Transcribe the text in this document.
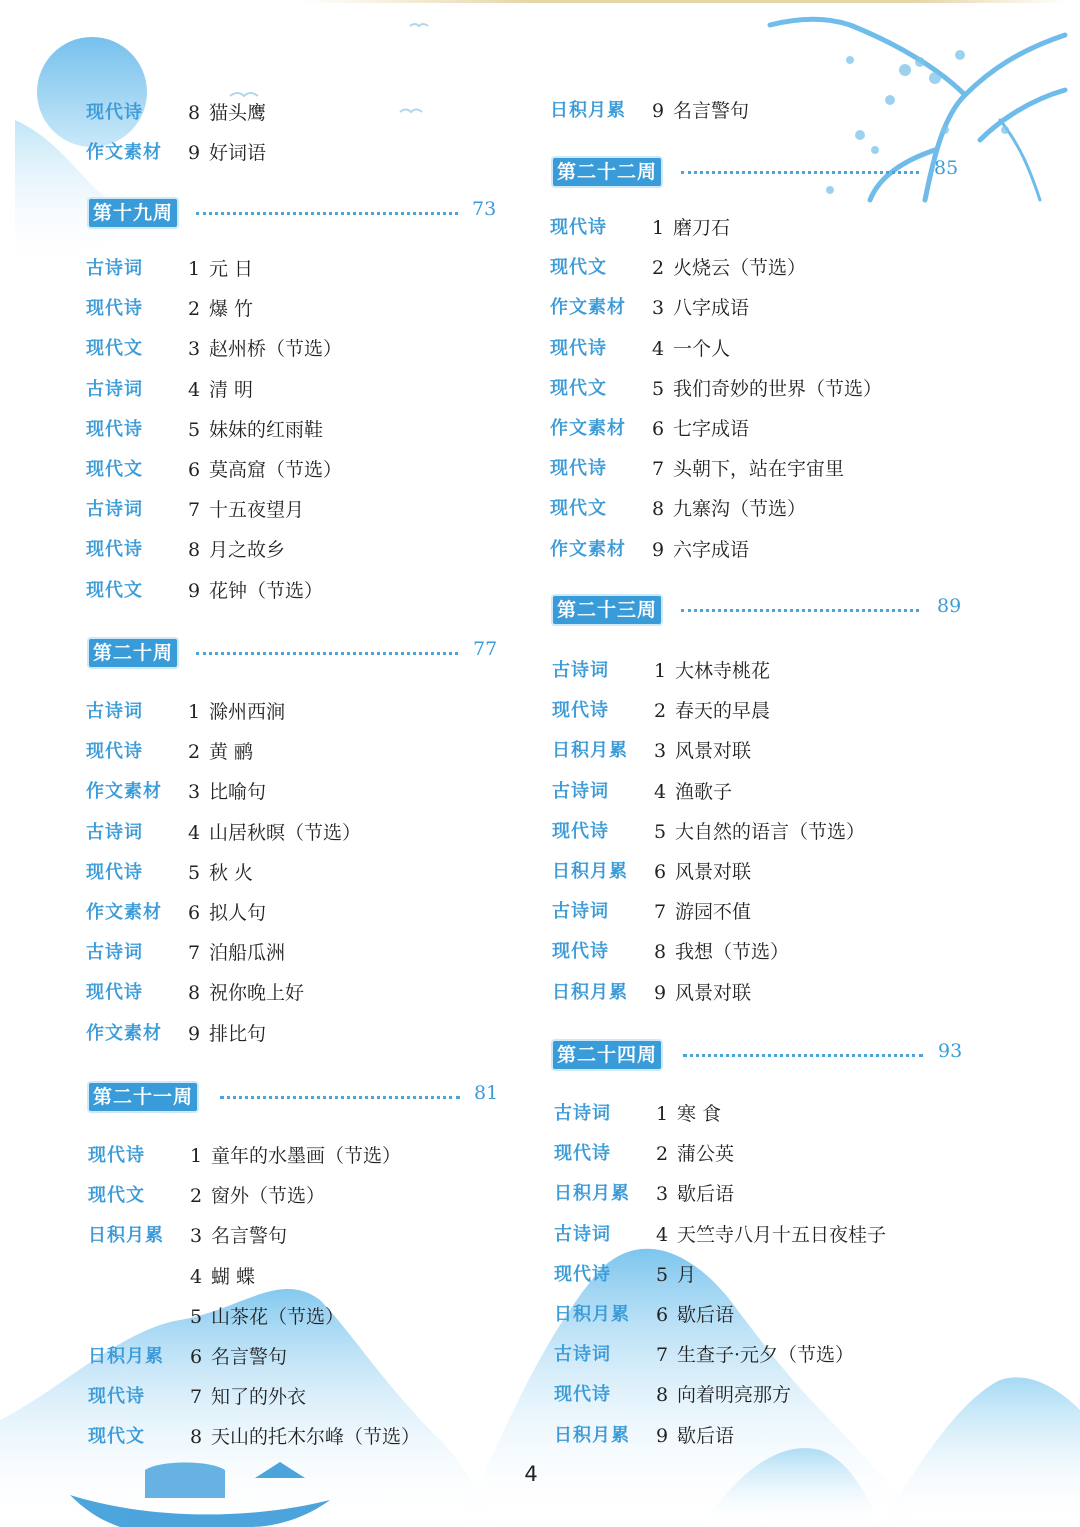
现代诗 8 猫头鹰
作文素材 9 好词语
第十九周	73
古诗词 1 元 日
现代诗 2 爆 竹
现代文 3 赵州桥（节选）
古诗词 4 清 明
现代诗 5 妹妹的红雨鞋
现代文 6 莫高窟（节选）
古诗词 7 十五夜望月
现代诗 8 月之故乡
现代文 9 花钟（节选）
第二十周	77
古诗词 1 滁州西涧
现代诗 2 黄 鹂
作文素材 3 比喻句
古诗词 4 山居秋暝（节选）
现代诗 5 秋 火
作文素材 6 拟人句
古诗词 7 泊船瓜洲
现代诗 8 祝你晚上好
作文素材 9 排比句
第二十一周	81
现代诗 1 童年的水墨画（节选）
现代文 2 窗外（节选）
日积月累 3 名言警句
4 蝴 蝶
5 山茶花（节选）
日积月累 6 名言警句
现代诗 7 知了的外衣
现代文 8 天山的托木尔峰（节选）
日积月累 9 名言警句
第二十二周	85
现代诗 1 磨刀石
现代文 2 火烧云（节选）
作文素材 3 八字成语
现代诗 4 一个人
现代文 5 我们奇妙的世界（节选）
作文素材 6 七字成语
现代诗 7 头朝下，站在宇宙里
现代文 8 九寨沟（节选）
作文素材 9 六字成语
第二十三周	89
古诗词 1 大林寺桃花
现代诗 2 春天的早晨
日积月累 3 风景对联
古诗词 4 渔歌子
现代诗 5 大自然的语言（节选）
日积月累 6 风景对联
古诗词 7 游园不值
现代诗 8 我想（节选）
日积月累 9 风景对联
第二十四周	93
古诗词 1 寒 食
现代诗 2 蒲公英
日积月累 3 歇后语
古诗词 4 天竺寺八月十五日夜桂子
现代诗 5 月
日积月累 6 歇后语
古诗词 7 生查子·元夕（节选）
现代诗 8 向着明亮那方
日积月累 9 歇后语
4
